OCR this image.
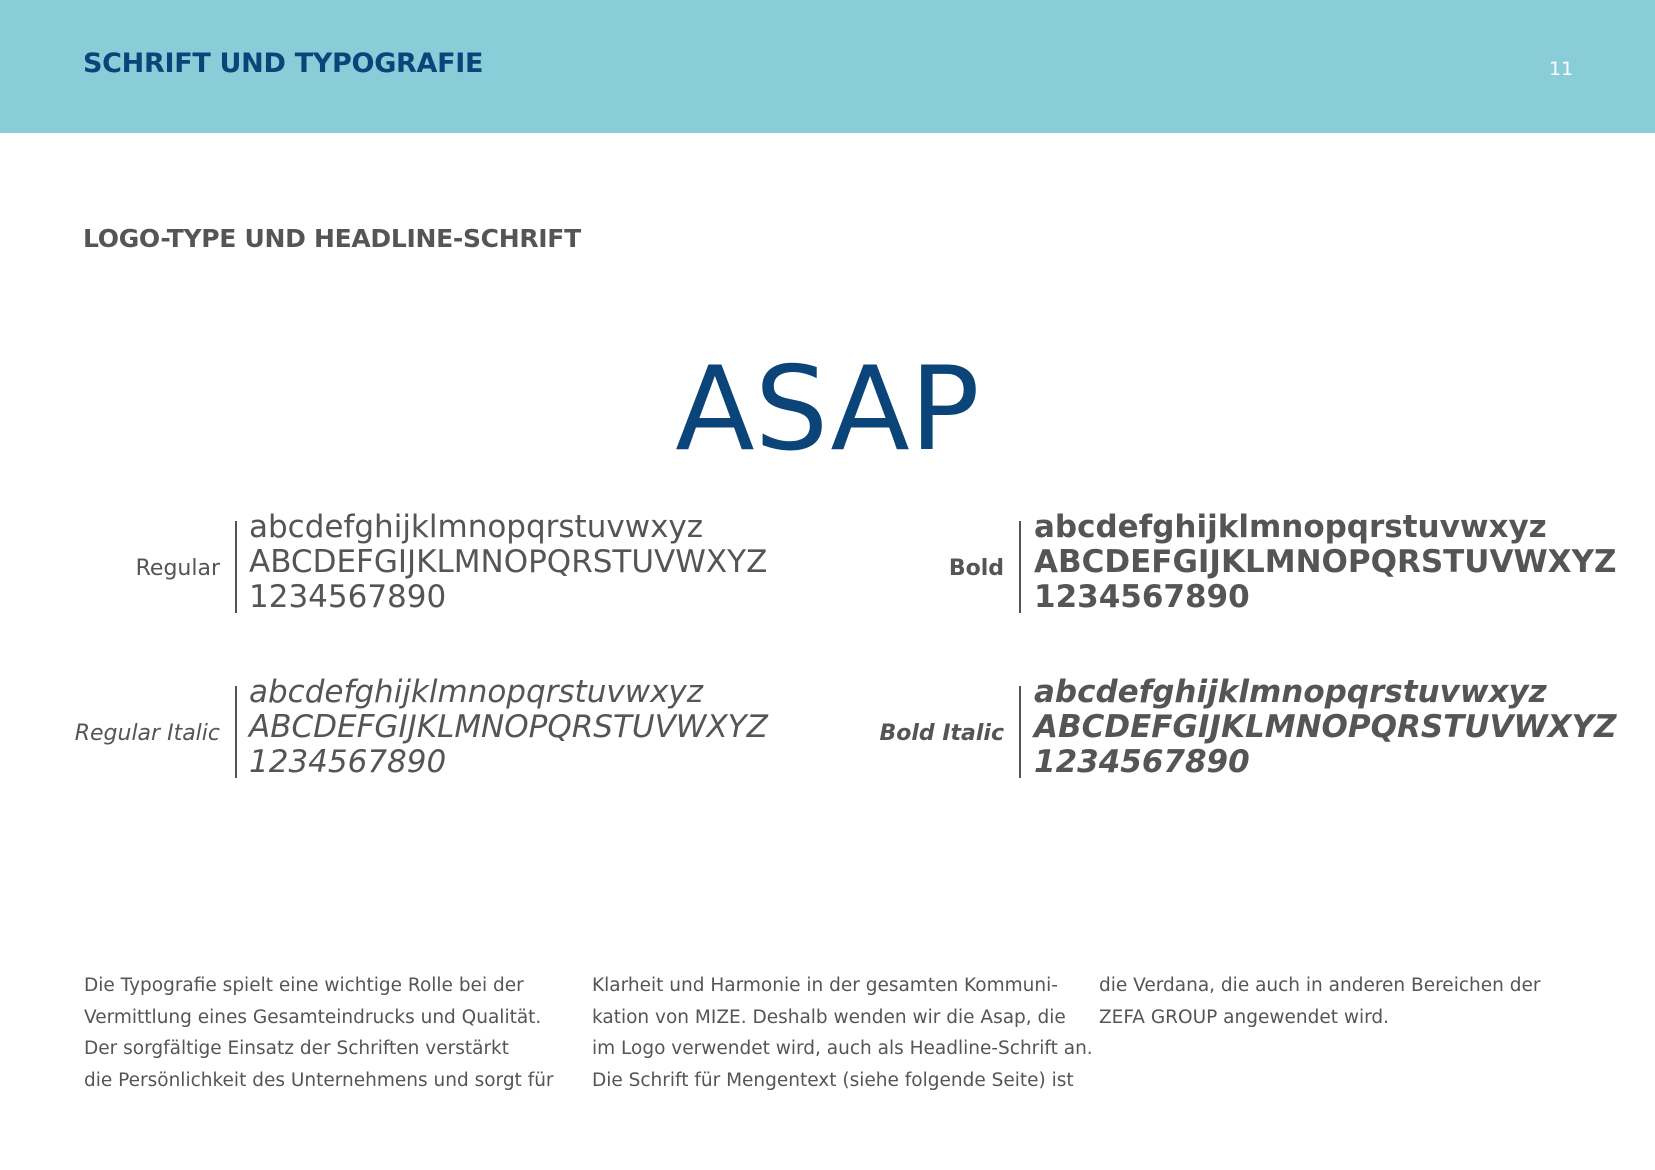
SCHRIFT UND TYPOGRAFIE	11
LOGO-TYPE UND HEADLINE-SCHRIFT
ASAP
Regular
abcdefghijklmnopqrstuvwxyz
ABCDEFGIJKLMNOPQRSTUVWXYZ
1234567890
Bold
abcdefghijklmnopqrstuvwxyz
ABCDEFGIJKLMNOPQRSTUVWXYZ
1234567890
Regular Italic
abcdefghijklmnopqrstuvwxyz
ABCDEFGIJKLMNOPQRSTUVWXYZ
1234567890
Bold Italic
abcdefghijklmnopqrstuvwxyz
ABCDEFGIJKLMNOPQRSTUVWXYZ
1234567890
Die Typografie spielt eine wichtige Rolle bei der
Vermittlung eines Gesamteindrucks und Qualität.
Der sorgfältige Einsatz der Schriften verstärkt
die Persönlichkeit des Unternehmens und sorgt für
Klarheit und Harmonie in der gesamten Kommuni-
kation von MIZE. Deshalb wenden wir die Asap, die
im Logo verwendet wird, auch als Headline-Schrift an.
Die Schrift für Mengentext (siehe folgende Seite) ist
die Verdana, die auch in anderen Bereichen der
ZEFA GROUP angewendet wird.
